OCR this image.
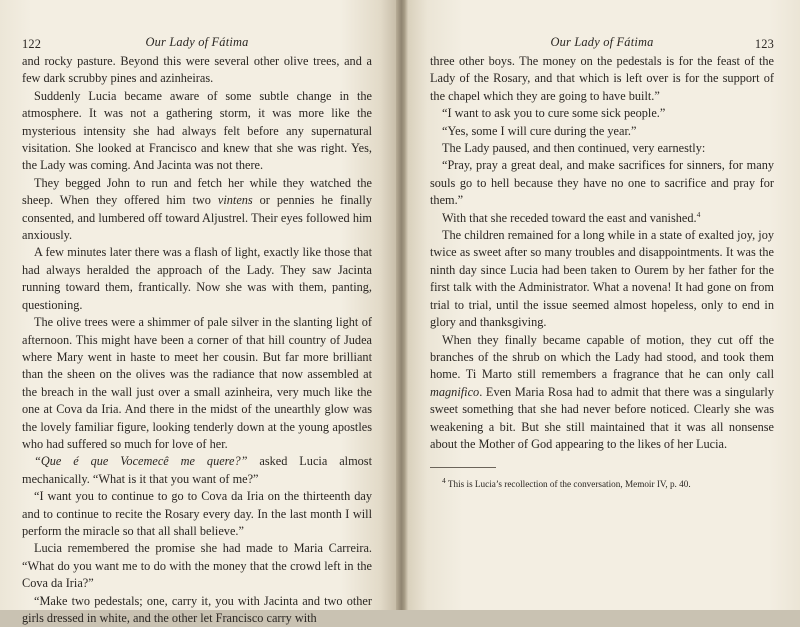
122	Our Lady of Fátima

and rocky pasture. Beyond this were several other olive trees, and a few dark scrubby pines and azinheiras.

Suddenly Lucia became aware of some subtle change in the atmosphere. It was not a gathering storm, it was more like the mysterious intensity she had always felt before any supernatural visitation. She looked at Francisco and knew that she was right. Yes, the Lady was coming. And Jacinta was not there.

They begged John to run and fetch her while they watched the sheep. When they offered him two vintens or pennies he finally consented, and lumbered off toward Aljustrel. Their eyes followed him anxiously.

A few minutes later there was a flash of light, exactly like those that had always heralded the approach of the Lady. They saw Jacinta running toward them, frantically. Now she was with them, panting, questioning.

The olive trees were a shimmer of pale silver in the slanting light of afternoon. This might have been a corner of that hill country of Judea where Mary went in haste to meet her cousin. But far more brilliant than the sheen on the olives was the radiance that now assembled at the breach in the wall just over a small azinheira, very much like the one at Cova da Iria. And there in the midst of the unearthly glow was the lovely familiar figure, looking tenderly down at the young apostles who had suffered so much for love of her.

“Que é que Vocemecê me quere?” asked Lucia almost mechanically. “What is it that you want of me?”

“I want you to continue to go to Cova da Iria on the thirteenth day and to continue to recite the Rosary every day. In the last month I will perform the miracle so that all shall believe.”

Lucia remembered the promise she had made to Maria Carreira. “What do you want me to do with the money that the crowd left in the Cova da Iria?”

“Make two pedestals; one, carry it, you with Jacinta and two other girls dressed in white, and the other let Francisco carry with

Our Lady of Fátima	123

three other boys. The money on the pedestals is for the feast of the Lady of the Rosary, and that which is left over is for the support of the chapel which they are going to have built.”

“I want to ask you to cure some sick people.”

“Yes, some I will cure during the year.”

The Lady paused, and then continued, very earnestly:

“Pray, pray a great deal, and make sacrifices for sinners, for many souls go to hell because they have no one to sacrifice and pray for them.”

With that she receded toward the east and vanished.$^4$

The children remained for a long while in a state of exalted joy, joy twice as sweet after so many troubles and disappointments. It was the ninth day since Lucia had been taken to Ourem by her father for the first talk with the Administrator. What a novena! It had gone on from trial to trial, until the issue seemed almost hopeless, only to end in glory and thanksgiving.

When they finally became capable of motion, they cut off the branches of the shrub on which the Lady had stood, and took them home. Ti Marto still remembers a fragrance that he can only call magnifico. Even Maria Rosa had to admit that there was a singularly sweet something that she had never before noticed. Clearly she was weakening a bit. But she still maintained that it was all nonsense about the Mother of God appearing to the likes of her Lucia.

$^4$ This is Lucia’s recollection of the conversation, Memoir IV, p. 40.
